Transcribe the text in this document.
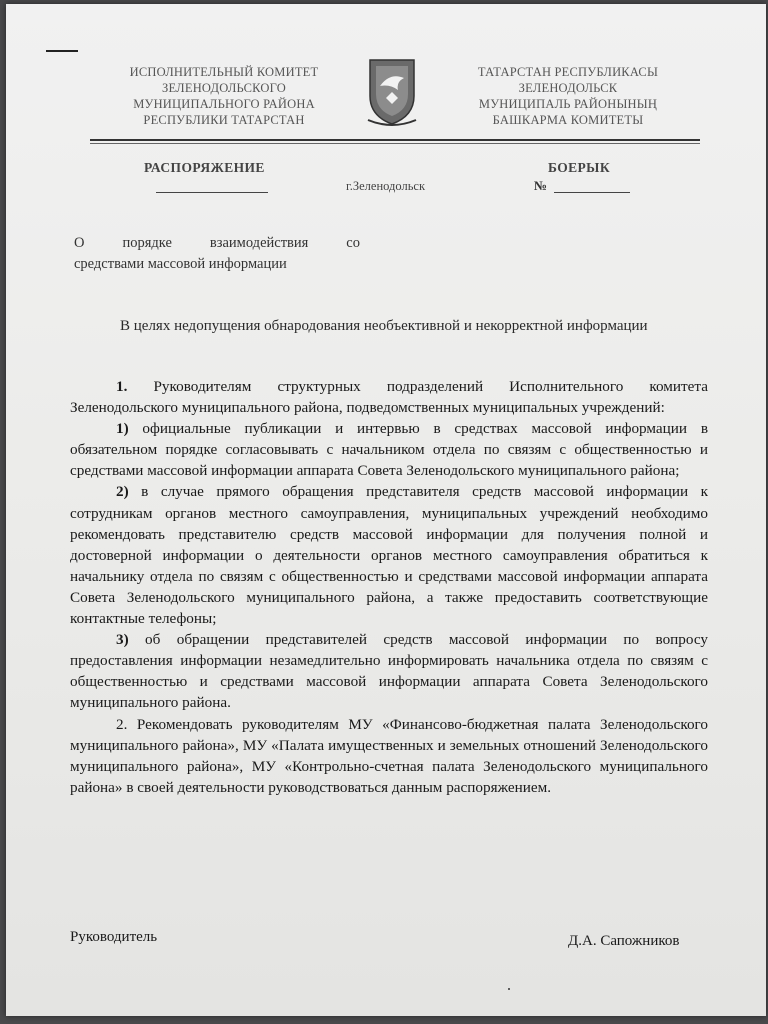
ИСПОЛНИТЕЛЬНЫЙ КОМИТЕТ
ЗЕЛЕНОДОЛЬСКОГО
МУНИЦИПАЛЬНОГО РАЙОНА
РЕСПУБЛИКИ ТАТАРСТАН
ТАТАРСТАН РЕСПУБЛИКАСЫ
ЗЕЛЕНОДОЛЬСК
МУНИЦИПАЛЬ РАЙОНЫНЫҢ
БАШКАРМА КОМИТЕТЫ
РАСПОРЯЖЕНИЕ	БОЕРЫК
г.Зеленодольск	№
О порядке взаимодействия со
средствами массовой информации
В целях недопущения обнародования необъективной и некорректной информации

1. Руководителям структурных подразделений Исполнительного комитета Зеленодольского муниципального района, подведомственных муниципальных учреждений:

1) официальные публикации и интервью в средствах массовой информации в обязательном порядке согласовывать с начальником отдела по связям с общественностью и средствами массовой информации аппарата Совета Зеленодольского муниципального района;

2) в случае прямого обращения представителя средств массовой информации к сотрудникам органов местного самоуправления, муниципальных учреждений необходимо рекомендовать представителю средств массовой информации для получения полной и достоверной информации о деятельности органов местного самоуправления обратиться к начальнику отдела по связям с общественностью и средствами массовой информации аппарата Совета Зеленодольского муниципального района, а также предоставить соответствующие контактные телефоны;

3) об обращении представителей средств массовой информации по вопросу предоставления информации незамедлительно информировать начальника отдела по связям с общественностью и средствами массовой информации аппарата Совета Зеленодольского муниципального района.

2. Рекомендовать руководителям МУ «Финансово-бюджетная палата Зеленодольского муниципального района», МУ «Палата имущественных и земельных отношений Зеленодольского муниципального района», МУ «Контрольно-счетная палата Зеленодольского муниципального района» в своей деятельности руководствоваться данным распоряжением.

Руководитель	Д.А. Сапожников
